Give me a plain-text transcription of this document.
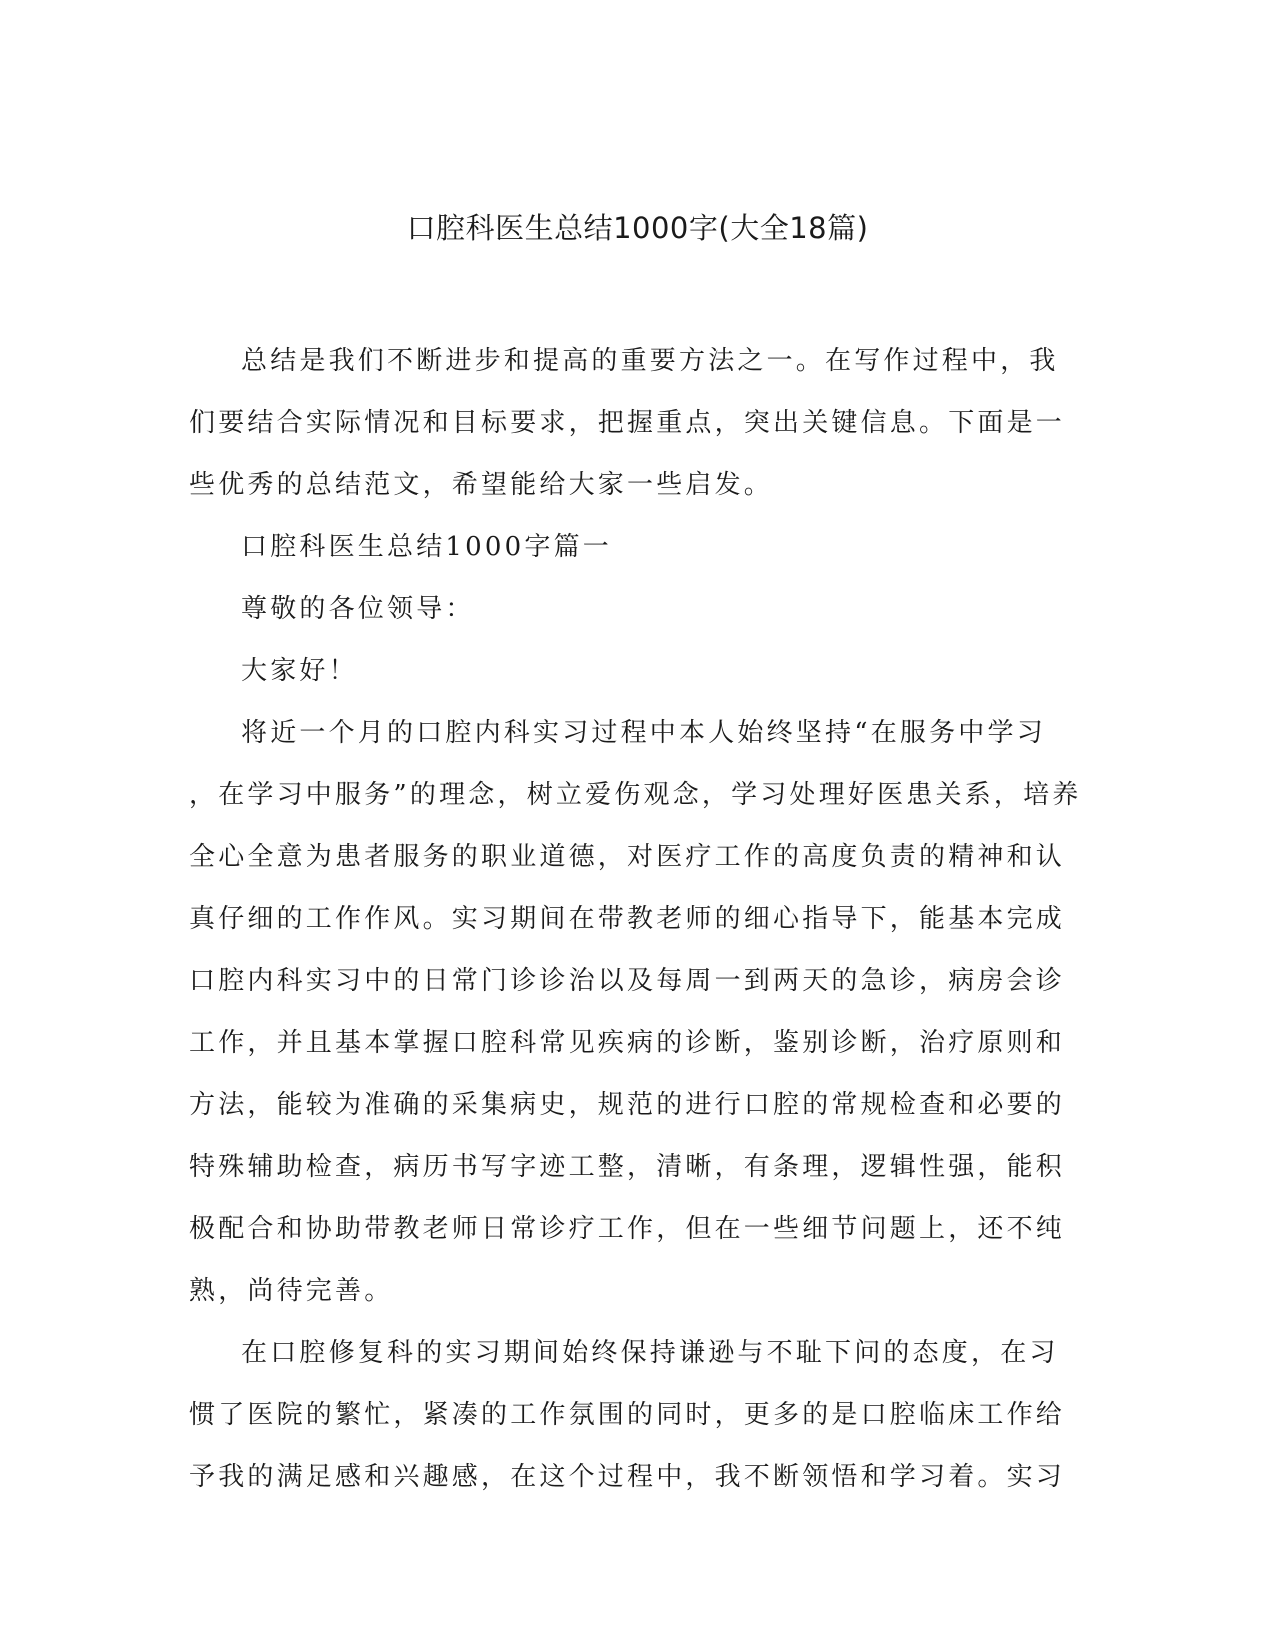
口腔科医生总结1000字(大全18篇)

总结是我们不断进步和提高的重要方法之一。在写作过程中，我
们要结合实际情况和目标要求，把握重点，突出关键信息。下面是一
些优秀的总结范文，希望能给大家一些启发。

口腔科医生总结1000字篇一

尊敬的各位领导：

大家好！

将近一个月的口腔内科实习过程中本人始终坚持“在服务中学习
，在学习中服务”的理念，树立爱伤观念，学习处理好医患关系，培养
全心全意为患者服务的职业道德，对医疗工作的高度负责的精神和认
真仔细的工作作风。实习期间在带教老师的细心指导下，能基本完成
口腔内科实习中的日常门诊诊治以及每周一到两天的急诊，病房会诊
工作，并且基本掌握口腔科常见疾病的诊断，鉴别诊断，治疗原则和
方法，能较为准确的采集病史，规范的进行口腔的常规检查和必要的
特殊辅助检查，病历书写字迹工整，清晰，有条理，逻辑性强，能积
极配合和协助带教老师日常诊疗工作，但在一些细节问题上，还不纯
熟，尚待完善。

在口腔修复科的实习期间始终保持谦逊与不耻下问的态度，在习
惯了医院的繁忙，紧凑的工作氛围的同时，更多的是口腔临床工作给
予我的满足感和兴趣感，在这个过程中，我不断领悟和学习着。实习
